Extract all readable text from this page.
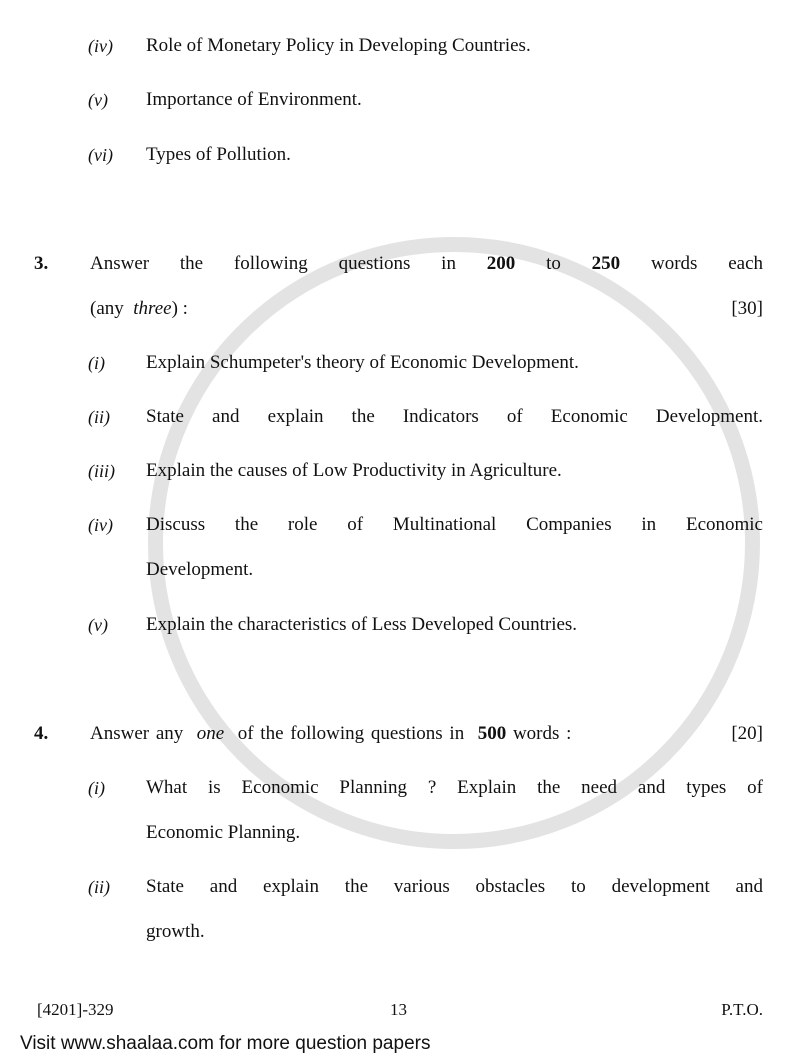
(iv) Role of Monetary Policy in Developing Countries.
(v) Importance of Environment.
(vi) Types of Pollution.
3. Answer the following questions in 200 to 250 words each
(any three) :	[30]
(i) Explain Schumpeter's theory of Economic Development.
(ii) State and explain the Indicators of Economic Development.
(iii) Explain the causes of Low Productivity in Agriculture.
(iv) Discuss the role of Multinational Companies in Economic
Development.
(v) Explain the characteristics of Less Developed Countries.
4. Answer any one of the following questions in 500 words :	[20]
(i) What is Economic Planning ? Explain the need and types of
Economic Planning.
(ii) State and explain the various obstacles to development and
growth.
[4201]-329	13	P.T.O.
Visit www.shaalaa.com for more question papers
